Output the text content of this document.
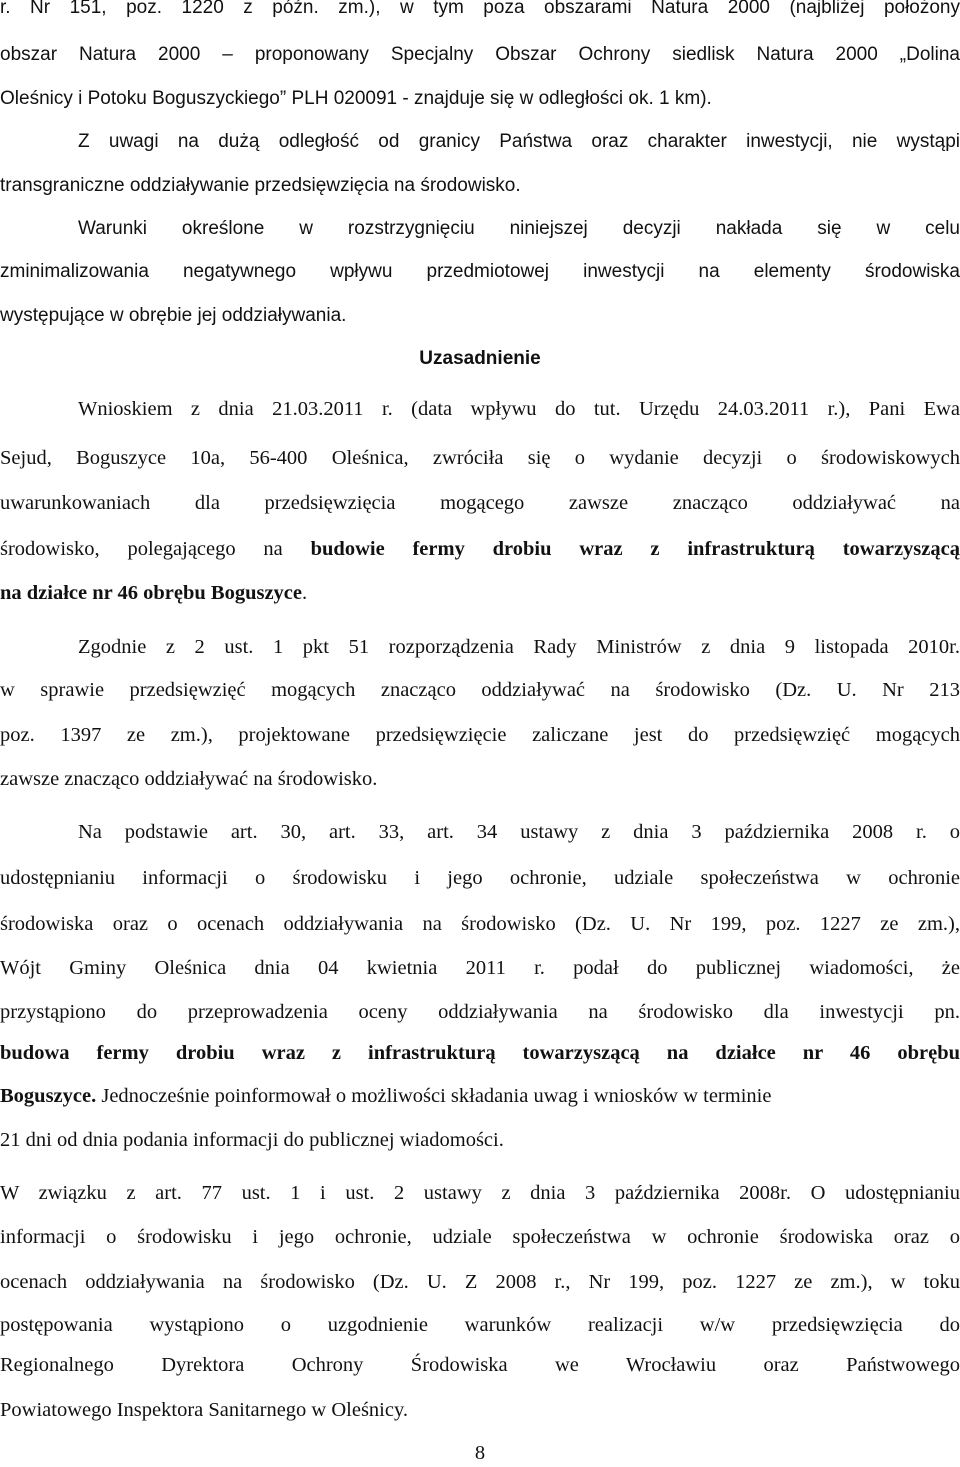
r. Nr 151, poz. 1220 z późn. zm.), w tym poza obszarami Natura 2000 (najbliżej położony
obszar Natura 2000 – proponowany Specjalny Obszar Ochrony siedlisk Natura 2000 „Dolina
Oleśnicy i Potoku Boguszyckiego” PLH 020091 - znajduje się w odległości ok. 1 km).
Z uwagi na dużą odległość od granicy Państwa oraz charakter inwestycji, nie wystąpi
transgraniczne oddziaływanie przedsięwzięcia na środowisko.
Warunki określone w rozstrzygnięciu niniejszej decyzji nakłada się w celu
zminimalizowania negatywnego wpływu przedmiotowej inwestycji na elementy środowiska
występujące w obrębie jej oddziaływania.
Uzasadnienie
Wnioskiem z dnia 21.03.2011 r. (data wpływu do tut. Urzędu 24.03.2011 r.), Pani Ewa
Sejud, Boguszyce 10a, 56-400 Oleśnica, zwróciła się o wydanie decyzji o środowiskowych
uwarunkowaniach dla przedsięwzięcia mogącego zawsze znacząco oddziaływać na
środowisko, polegającego na budowie fermy drobiu wraz z infrastrukturą towarzyszącą
na działce nr 46 obrębu Boguszyce.
Zgodnie z 2 ust. 1 pkt 51 rozporządzenia Rady Ministrów z dnia 9 listopada 2010r.
w sprawie przedsięwzięć mogących znacząco oddziaływać na środowisko (Dz. U. Nr 213
poz. 1397 ze zm.), projektowane przedsięwzięcie zaliczane jest do przedsięwzięć mogących
zawsze znacząco oddziaływać na środowisko.
Na podstawie art. 30, art. 33, art. 34 ustawy z dnia 3 października 2008 r. o
udostępnianiu informacji o środowisku i jego ochronie, udziale społeczeństwa w ochronie
środowiska oraz o ocenach oddziaływania na środowisko (Dz. U. Nr 199, poz. 1227 ze zm.),
Wójt Gminy Oleśnica dnia 04 kwietnia 2011 r. podał do publicznej wiadomości, że
przystąpiono do przeprowadzenia oceny oddziaływania na środowisko dla inwestycji pn.
budowa fermy drobiu wraz z infrastrukturą towarzyszącą na działce nr 46 obrębu
Boguszyce. Jednocześnie poinformował o możliwości składania uwag i wniosków w terminie
21 dni od dnia podania informacji do publicznej wiadomości.
W związku z art. 77 ust. 1 i ust. 2 ustawy z dnia 3 października 2008r. O udostępnianiu
informacji o środowisku i jego ochronie, udziale społeczeństwa w ochronie środowiska oraz o
ocenach oddziaływania na środowisko (Dz. U. Z 2008 r., Nr 199, poz. 1227 ze zm.), w toku
postępowania wystąpiono o uzgodnienie warunków realizacji w/w przedsięwzięcia do
Regionalnego Dyrektora Ochrony Środowiska we Wrocławiu oraz Państwowego
Powiatowego Inspektora Sanitarnego w Oleśnicy.
8
